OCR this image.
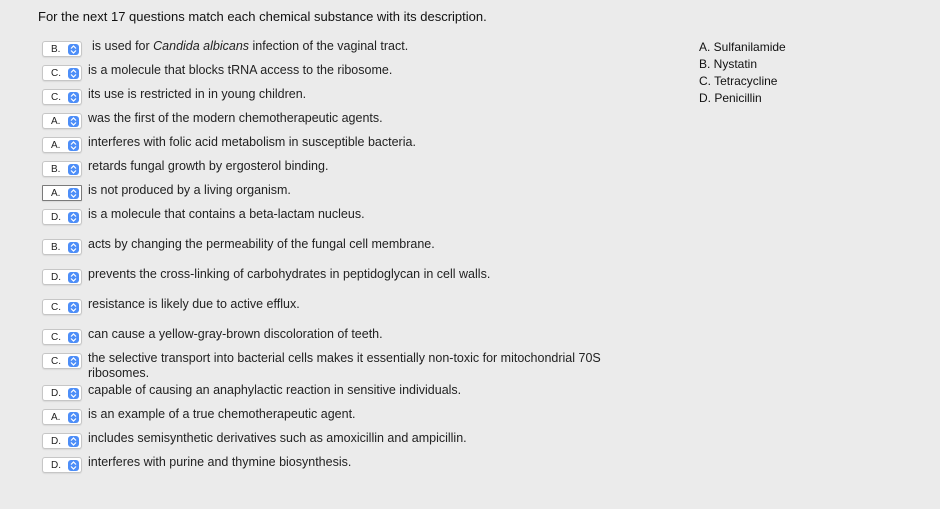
For the next 17 questions match each chemical substance with its description.
B.	is used for Candida albicans infection of the vaginal tract.
C. is a molecule that blocks tRNA access to the ribosome.
C. its use is restricted in in young children.
A. was the first of the modern chemotherapeutic agents.
A. interferes with folic acid metabolism in susceptible bacteria.
B. retards fungal growth by ergosterol binding.
A. is not produced by a living organism.
D. is a molecule that contains a beta-lactam nucleus.
B. acts by changing the permeability of the fungal cell membrane.
D. prevents the cross-linking of carbohydrates in peptidoglycan in cell walls.
C. resistance is likely due to active efflux.
C. can cause a yellow-gray-brown discoloration of teeth.
C. the selective transport into bacterial cells makes it essentially non-toxic for mitochondrial 70S ribosomes.
D. capable of causing an anaphylactic reaction in sensitive individuals.
A. is an example of a true chemotherapeutic agent.
D. includes semisynthetic derivatives such as amoxicillin and ampicillin.
D. interferes with purine and thymine biosynthesis.
A. Sulfanilamide
B. Nystatin
C. Tetracycline
D. Penicillin
